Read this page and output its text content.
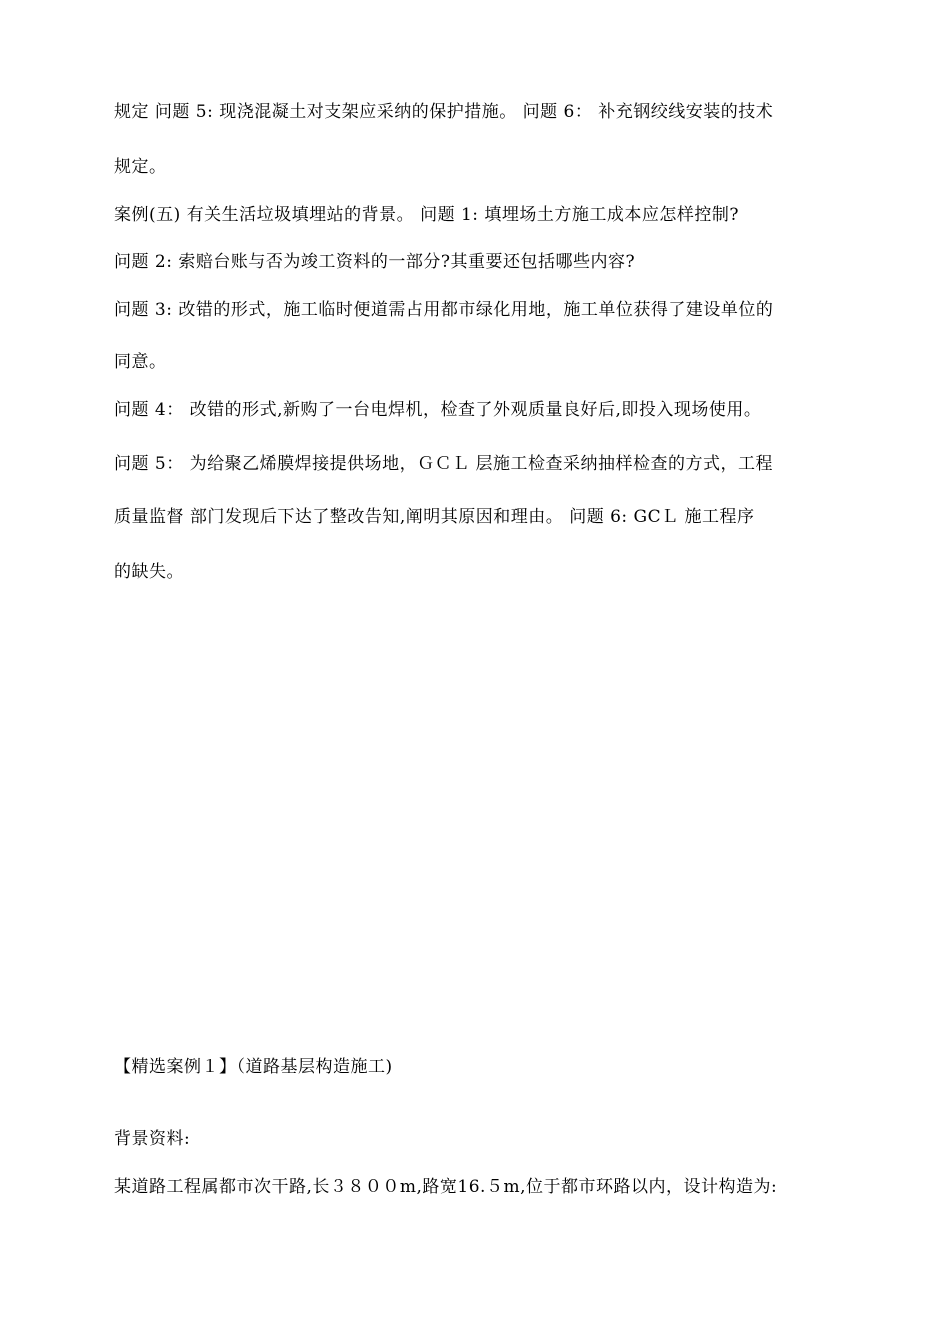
规定 问题 5: 现浇混凝土对支架应采纳的保护措施。 问题 6： 补充钢绞线安装的技术
规定。
案例(五) 有关生活垃圾填埋站的背景。 问题 1: 填埋场土方施工成本应怎样控制?
问题 2: 索赔台账与否为竣工资料的一部分?其重要还包括哪些内容?
问题 3: 改错的形式，施工临时便道需占用都市绿化用地，施工单位获得了建设单位的
同意。
问题 4： 改错的形式,新购了一台电焊机，检查了外观质量良好后,即投入现场使用。
问题 5： 为给聚乙烯膜焊接提供场地，ＧＣＬ 层施工检查采纳抽样检查的方式，工程
质量监督 部门发现后下达了整改告知,阐明其原因和理由。 问题 6: GCＬ 施工程序
的缺失。
【精选案例１】（道路基层构造施工)
背景资料:
某道路工程属都市次干路,长３８００m,路宽16.５m,位于都市环路以内，设计构造为:
